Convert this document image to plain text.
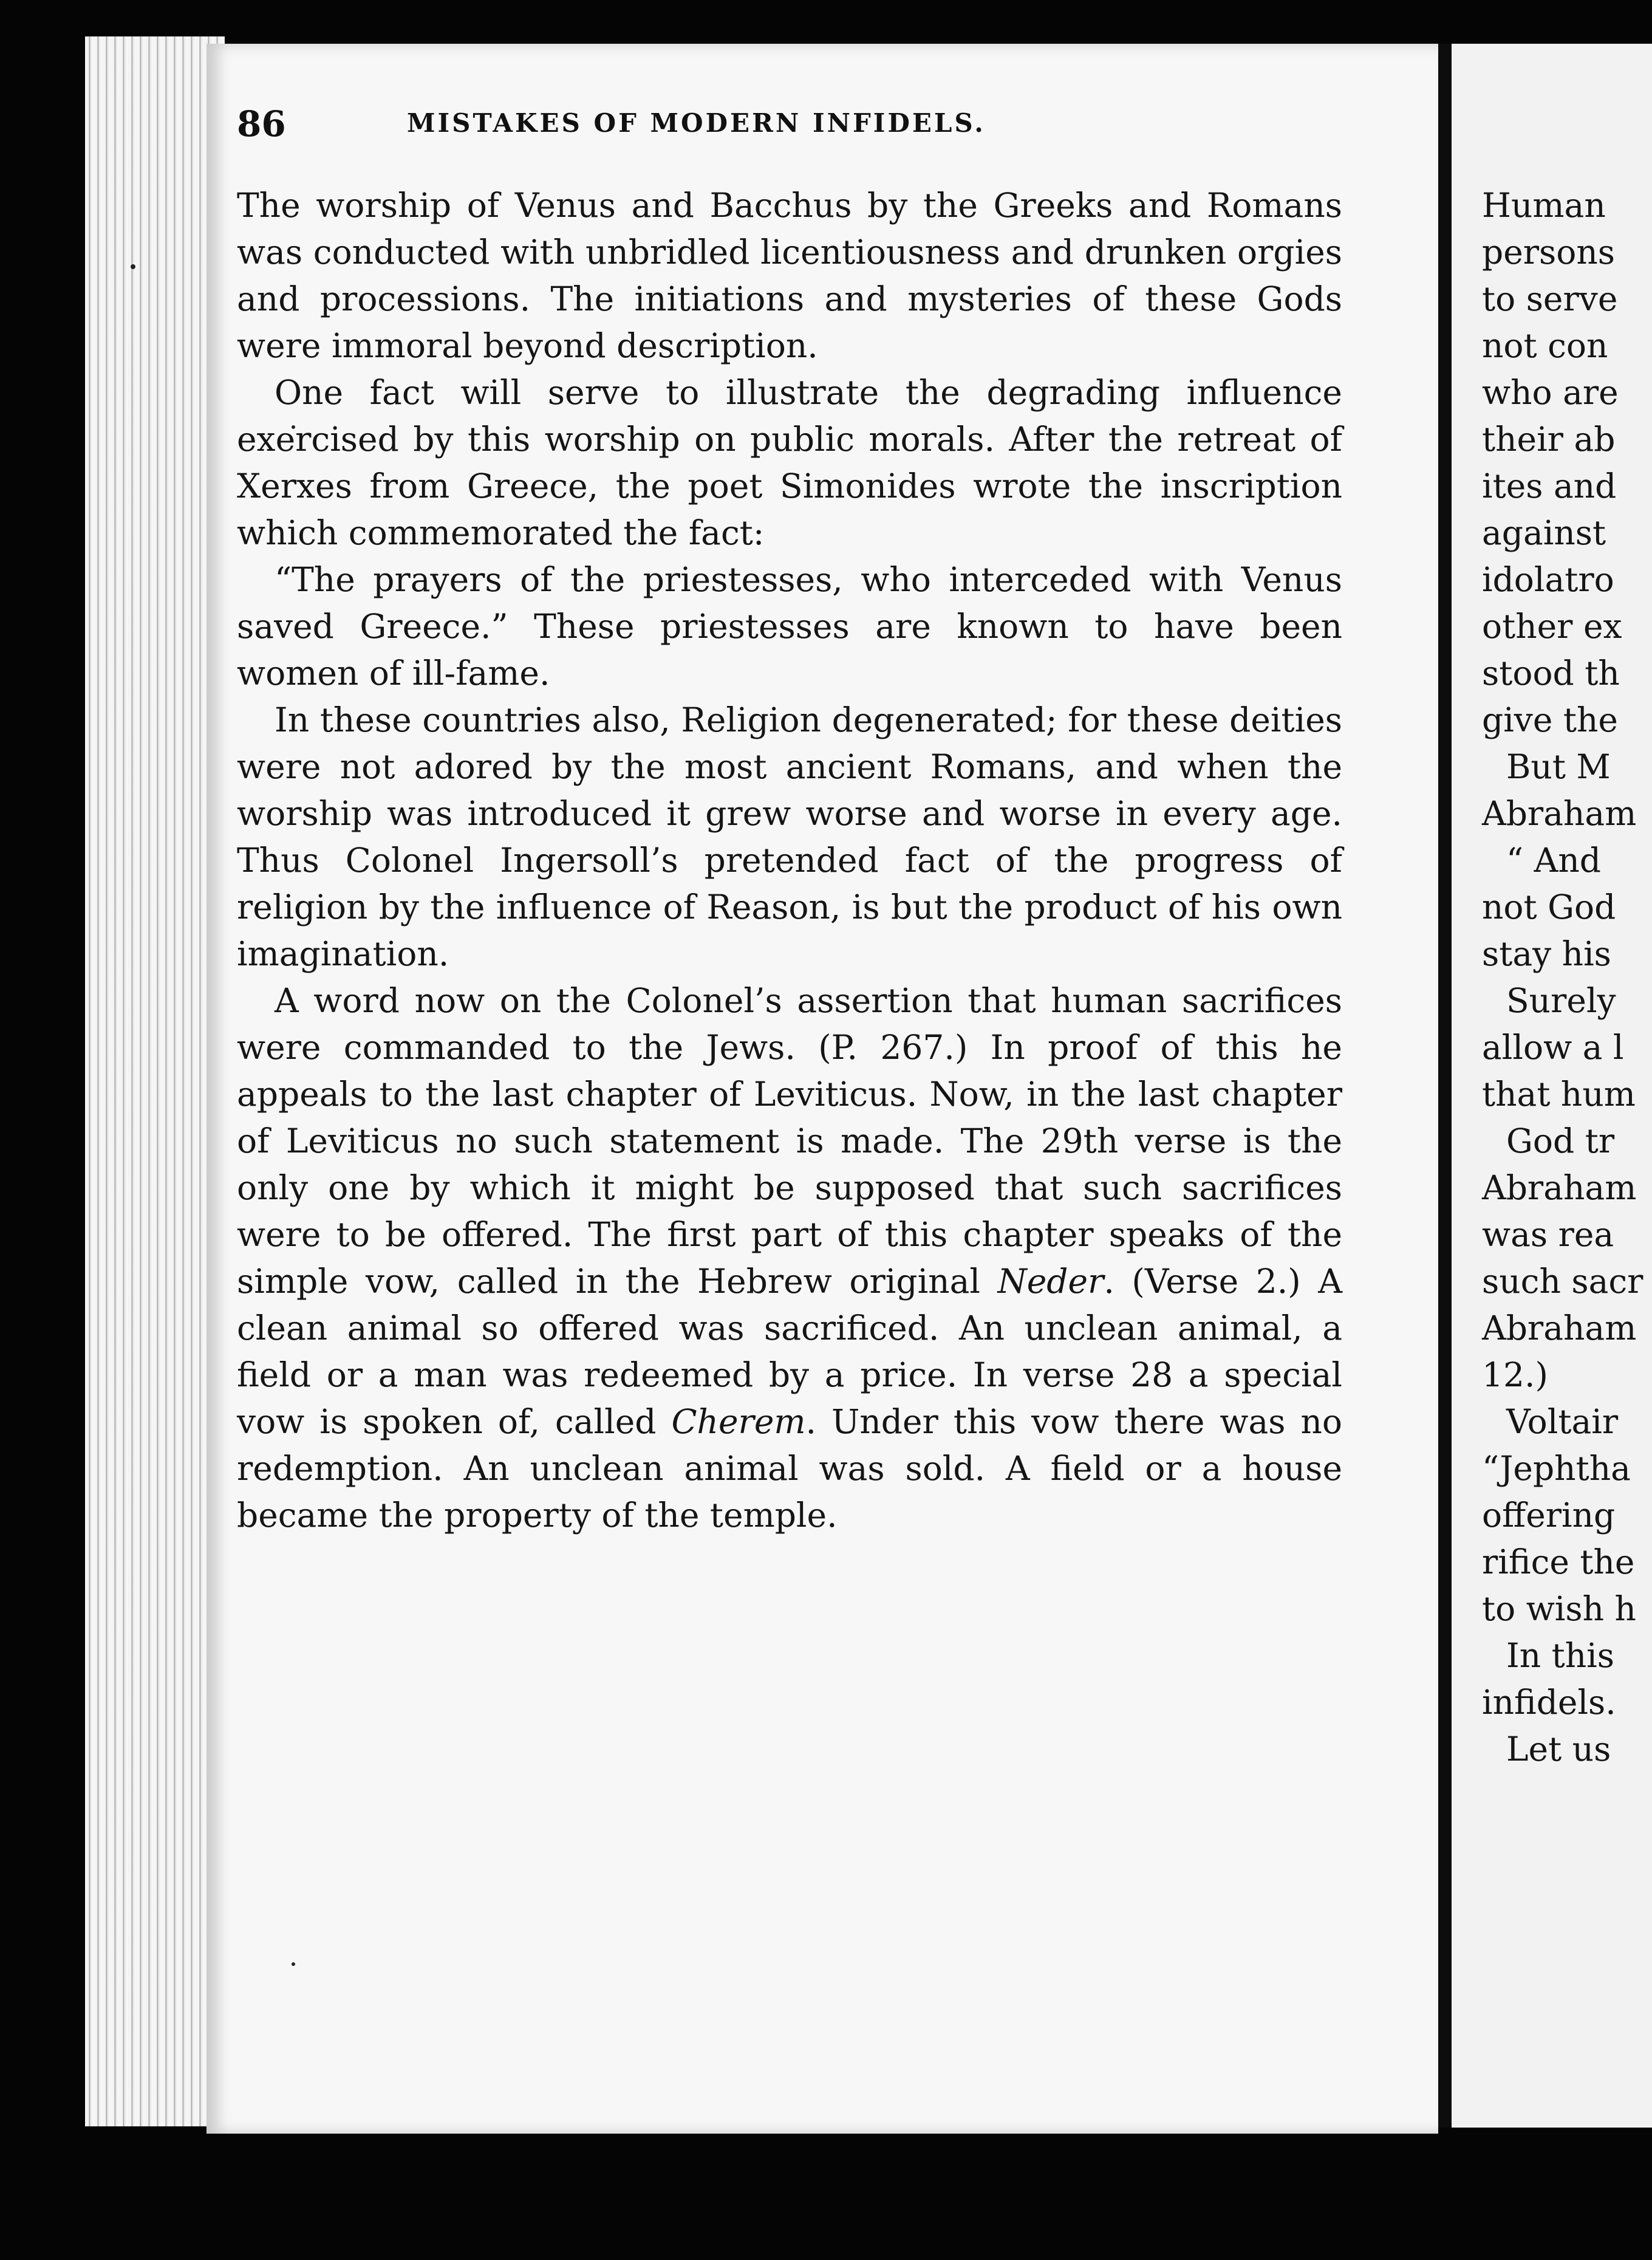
86	MISTAKES OF MODERN INFIDELS.

The worship of Venus and Bacchus by the Greeks and Romans was conducted with unbridled licentiousness and drunken orgies and processions. The initiations and mysteries of these Gods were immoral beyond description.

One fact will serve to illustrate the degrading influence exercised by this worship on public morals. After the retreat of Xerxes from Greece, the poet Simonides wrote the inscription which commemorated the fact:

“The prayers of the priestesses, who interceded with Venus saved Greece.” These priestesses are known to have been women of ill-fame.

In these countries also, Religion degenerated; for these deities were not adored by the most ancient Romans, and when the worship was introduced it grew worse and worse in every age. Thus Colonel Ingersoll’s pretended fact of the progress of religion by the influence of Reason, is but the product of his own imagination.

A word now on the Colonel’s assertion that human sacrifices were commanded to the Jews. (P. 267.) In proof of this he appeals to the last chapter of Leviticus. Now, in the last chapter of Leviticus no such statement is made. The 29th verse is the only one by which it might be supposed that such sacrifices were to be offered. The first part of this chapter speaks of the simple vow, called in the Hebrew original Neder. (Verse 2.) A clean animal so offered was sacrificed. An unclean animal, a field or a man was redeemed by a price. In verse 28 a special vow is spoken of, called Cherem. Under this vow there was no redemption. An unclean animal was sold. A field or a house became the property of the temple.

Human
persons
to serve
not con
who are
their ab
ites and
against
idolatro
other ex
stood th
give the
But M
Abraham
“ And
not God
stay his
Surely
allow a l
that hum
God tr
Abraham
was rea
such sacr
Abraham
12.)
Voltair
“Jephtha
offering
rifice the
to wish h
In this
infidels.
Let us
